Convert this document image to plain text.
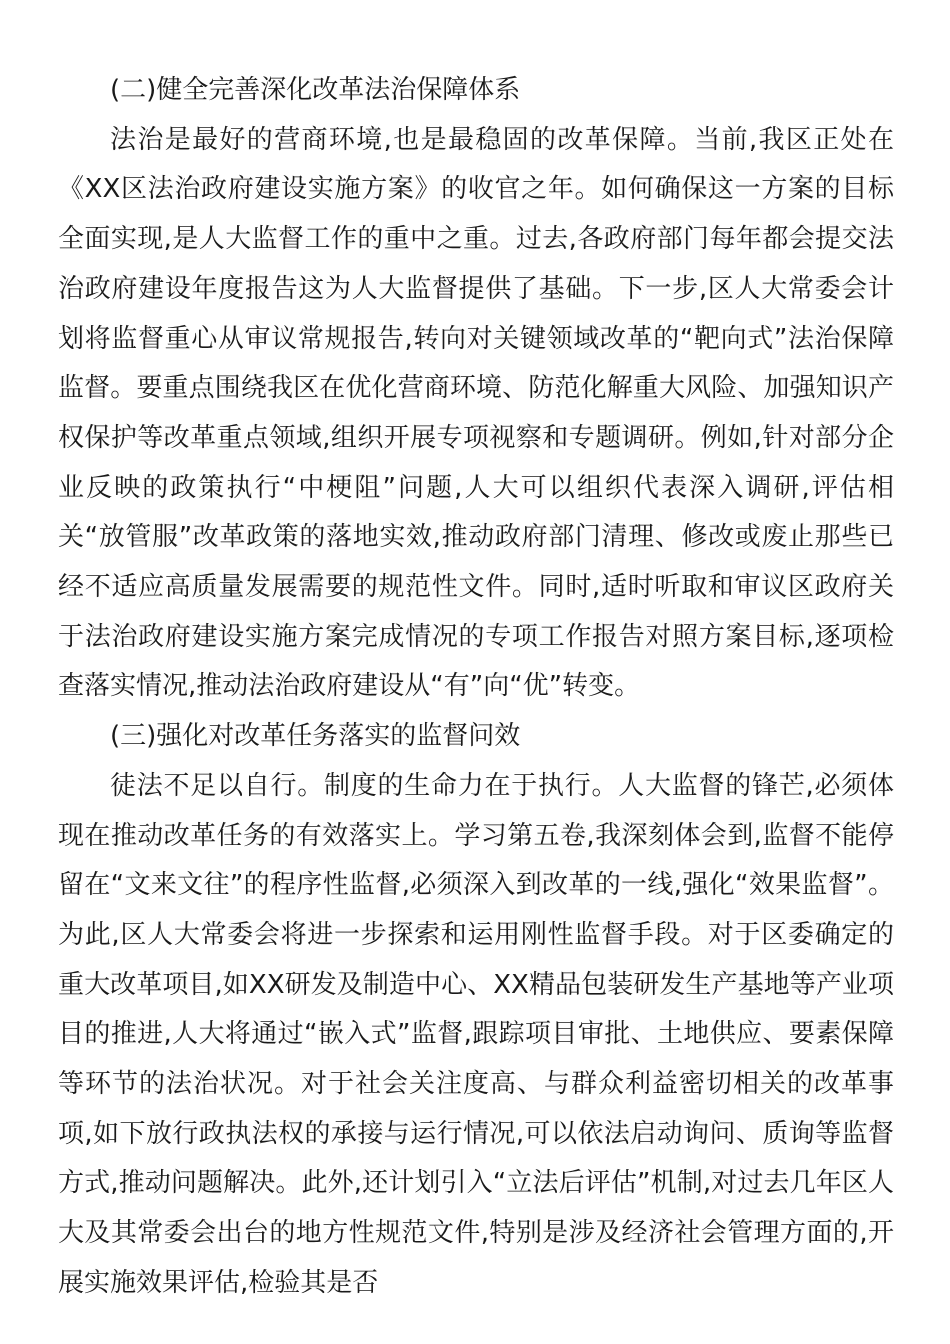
(二)健全完善深化改革法治保障体系

法治是最好的营商环境,也是最稳固的改革保障。当前,我区正处在《XX区法治政府建设实施方案》的收官之年。如何确保这一方案的目标全面实现,是人大监督工作的重中之重。过去,各政府部门每年都会提交法治政府建设年度报告这为人大监督提供了基础。下一步,区人大常委会计划将监督重心从审议常规报告,转向对关键领域改革的“靶向式”法治保障监督。要重点围绕我区在优化营商环境、防范化解重大风险、加强知识产权保护等改革重点领域,组织开展专项视察和专题调研。例如,针对部分企业反映的政策执行“中梗阻”问题,人大可以组织代表深入调研,评估相关“放管服”改革政策的落地实效,推动政府部门清理、修改或废止那些已经不适应高质量发展需要的规范性文件。同时,适时听取和审议区政府关于法治政府建设实施方案完成情况的专项工作报告对照方案目标,逐项检查落实情况,推动法治政府建设从“有”向“优”转变。

(三)强化对改革任务落实的监督问效

徒法不足以自行。制度的生命力在于执行。人大监督的锋芒,必须体现在推动改革任务的有效落实上。学习第五卷,我深刻体会到,监督不能停留在“文来文往”的程序性监督,必须深入到改革的一线,强化“效果监督”。为此,区人大常委会将进一步探索和运用刚性监督手段。对于区委确定的重大改革项目,如XX研发及制造中心、XX精品包装研发生产基地等产业项目的推进,人大将通过“嵌入式”监督,跟踪项目审批、土地供应、要素保障等环节的法治状况。对于社会关注度高、与群众利益密切相关的改革事项,如下放行政执法权的承接与运行情况,可以依法启动询问、质询等监督方式,推动问题解决。此外,还计划引入“立法后评估”机制,对过去几年区人大及其常委会出台的地方性规范文件,特别是涉及经济社会管理方面的,开展实施效果评估,检验其是否
